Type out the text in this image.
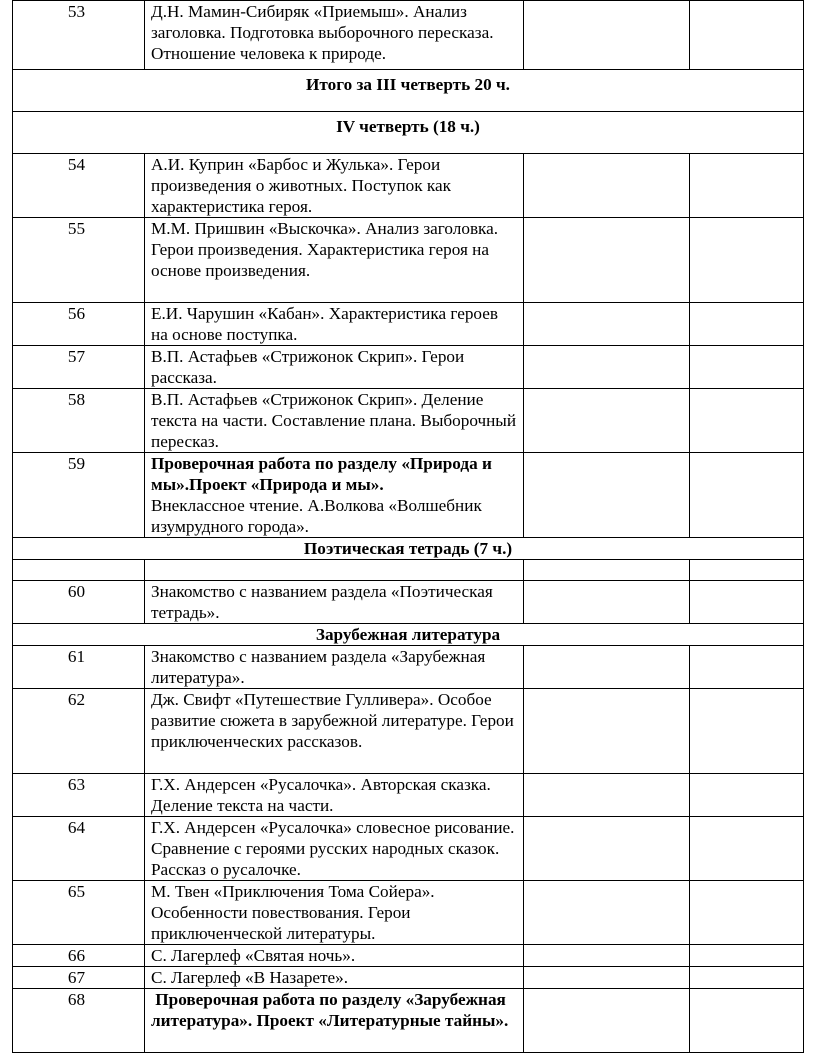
53	Д.Н. Мамин-Сибиряк «Приемыш». Анализ заголовка. Подготовка выборочного пересказа. Отношение человека к природе.		
Итого за III четверть 20 ч.			
IV четверть (18 ч.)			
54	А.И. Куприн «Барбос и Жулька». Герои произведения о животных. Поступок как характеристика героя.		
55	М.М. Пришвин «Выскочка». Анализ заголовка. Герои произведения. Характеристика героя на основе произведения.		
56	Е.И. Чарушин «Кабан». Характеристика героев на основе поступка.		
57	В.П. Астафьев «Стрижонок Скрип». Герои рассказа.		
58	В.П. Астафьев «Стрижонок Скрип». Деление текста на части. Составление плана. Выборочный пересказ.		
59	Проверочная работа по разделу «Природа и мы».Проект «Природа и мы».
Внеклассное чтение. А.Волкова «Волшебник изумрудного города».		
Поэтическая тетрадь (7 ч.)			

60	Знакомство с названием раздела «Поэтическая тетрадь».		
Зарубежная литература			
61	Знакомство с названием раздела «Зарубежная литература».		
62	Дж. Свифт «Путешествие Гулливера». Особое развитие сюжета в зарубежной литературе. Герои приключенческих рассказов.		
63	Г.Х. Андерсен «Русалочка». Авторская сказка. Деление текста на части.		
64	Г.Х. Андерсен «Русалочка» словесное рисование. Сравнение с героями русских народных сказок. Рассказ о русалочке.		
65	М. Твен «Приключения Тома Сойера». Особенности повествования. Герои приключенческой литературы.		
66	С. Лагерлеф «Святая ночь».		
67	С. Лагерлеф «В Назарете».		
68	Проверочная работа по разделу «Зарубежная литература». Проект «Литературные тайны».		
